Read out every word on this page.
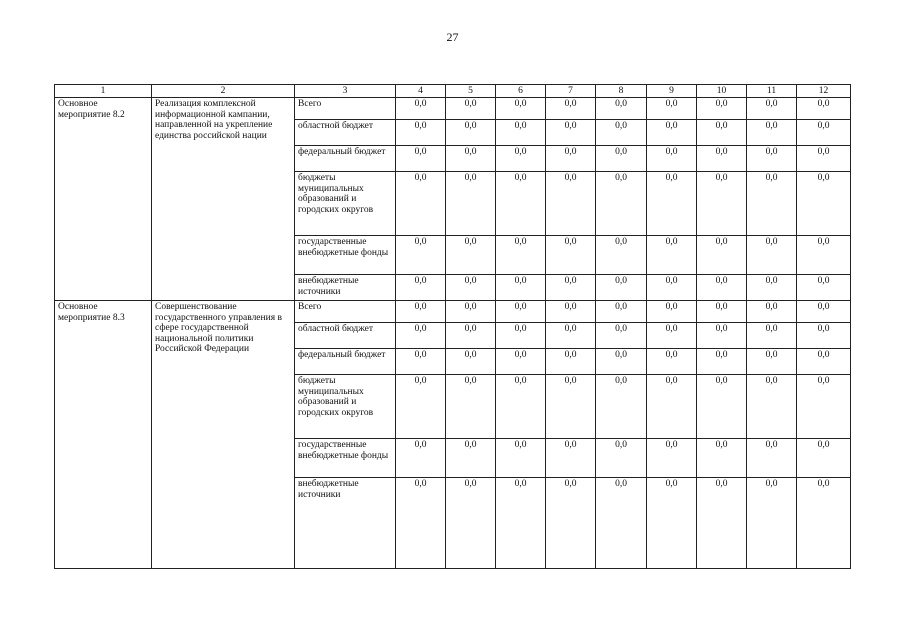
27
1	2	3	4	5	6	7	8	9	10	11	12
Основное мероприятие 8.2	Реализация комплексной информационной кампании, направленной на укрепление единства российской нации	Всего	0,0	0,0	0,0	0,0	0,0	0,0	0,0	0,0	0,0
		областной бюджет	0,0	0,0	0,0	0,0	0,0	0,0	0,0	0,0	0,0
		федеральный бюджет	0,0	0,0	0,0	0,0	0,0	0,0	0,0	0,0	0,0
		бюджеты муниципальных образований и городских округов	0,0	0,0	0,0	0,0	0,0	0,0	0,0	0,0	0,0
		государственные внебюджетные фонды	0,0	0,0	0,0	0,0	0,0	0,0	0,0	0,0	0,0
		внебюджетные источники	0,0	0,0	0,0	0,0	0,0	0,0	0,0	0,0	0,0
Основное мероприятие 8.3	Совершенствование государственного управления в сфере государственной национальной политики Российской Федерации	Всего	0,0	0,0	0,0	0,0	0,0	0,0	0,0	0,0	0,0
		областной бюджет	0,0	0,0	0,0	0,0	0,0	0,0	0,0	0,0	0,0
		федеральный бюджет	0,0	0,0	0,0	0,0	0,0	0,0	0,0	0,0	0,0
		бюджеты муниципальных образований и городских округов	0,0	0,0	0,0	0,0	0,0	0,0	0,0	0,0	0,0
		государственные внебюджетные фонды	0,0	0,0	0,0	0,0	0,0	0,0	0,0	0,0	0,0
		внебюджетные источники	0,0	0,0	0,0	0,0	0,0	0,0	0,0	0,0	0,0
